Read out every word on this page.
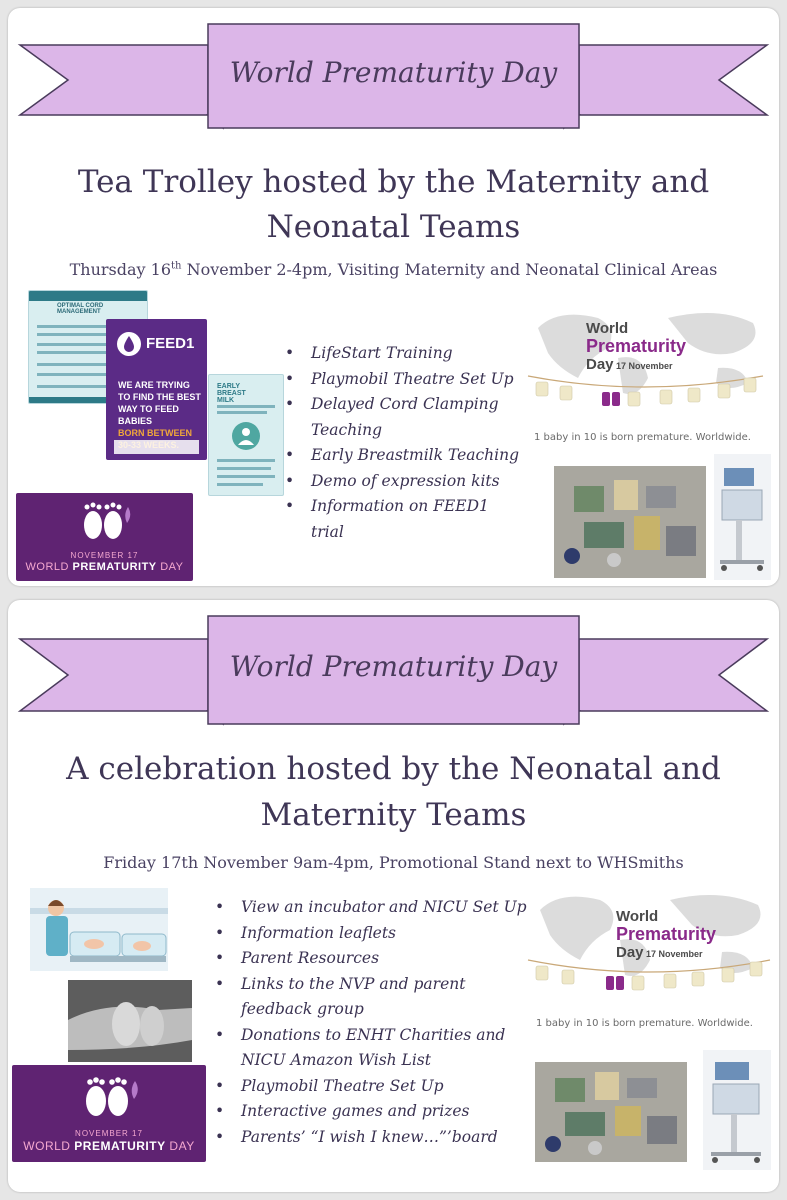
World Prematurity Day
Tea Trolley hosted by the Maternity and
Neonatal Teams
Thursday 16th November 2-4pm, Visiting Maternity and Neonatal Clinical Areas
OPTIMAL CORD MANAGEMENT
FEED1
WE ARE TRYING
TO FIND THE BEST
WAY TO FEED BABIES
BORN BETWEEN
EARLY BREAST MILK
• LifeStart Training
• Playmobil Theatre Set Up
• Delayed Cord Clamping
Teaching
• Early Breastmilk Teaching
• Demo of expression kits
• Information on FEED1
trial
NOVEMBER 17
WORLD PREMATURITY DAY
World
Prematurity
Day 17 November
1 baby in 10 is born premature. Worldwide.
World Prematurity Day
A celebration hosted by the Neonatal and
Maternity Teams
Friday 17th November 9am-4pm, Promotional Stand next to WHSmiths
NOVEMBER 17
WORLD PREMATURITY DAY
• View an incubator and NICU Set Up
• Information leaflets
• Parent Resources
• Links to the NVP and parent
feedback group
• Donations to ENHT Charities and
NICU Amazon Wish List
• Playmobil Theatre Set Up
• Interactive games and prizes
• Parents’ “I wish I knew…”’board
World
Prematurity
Day 17 November
1 baby in 10 is born premature. Worldwide.
